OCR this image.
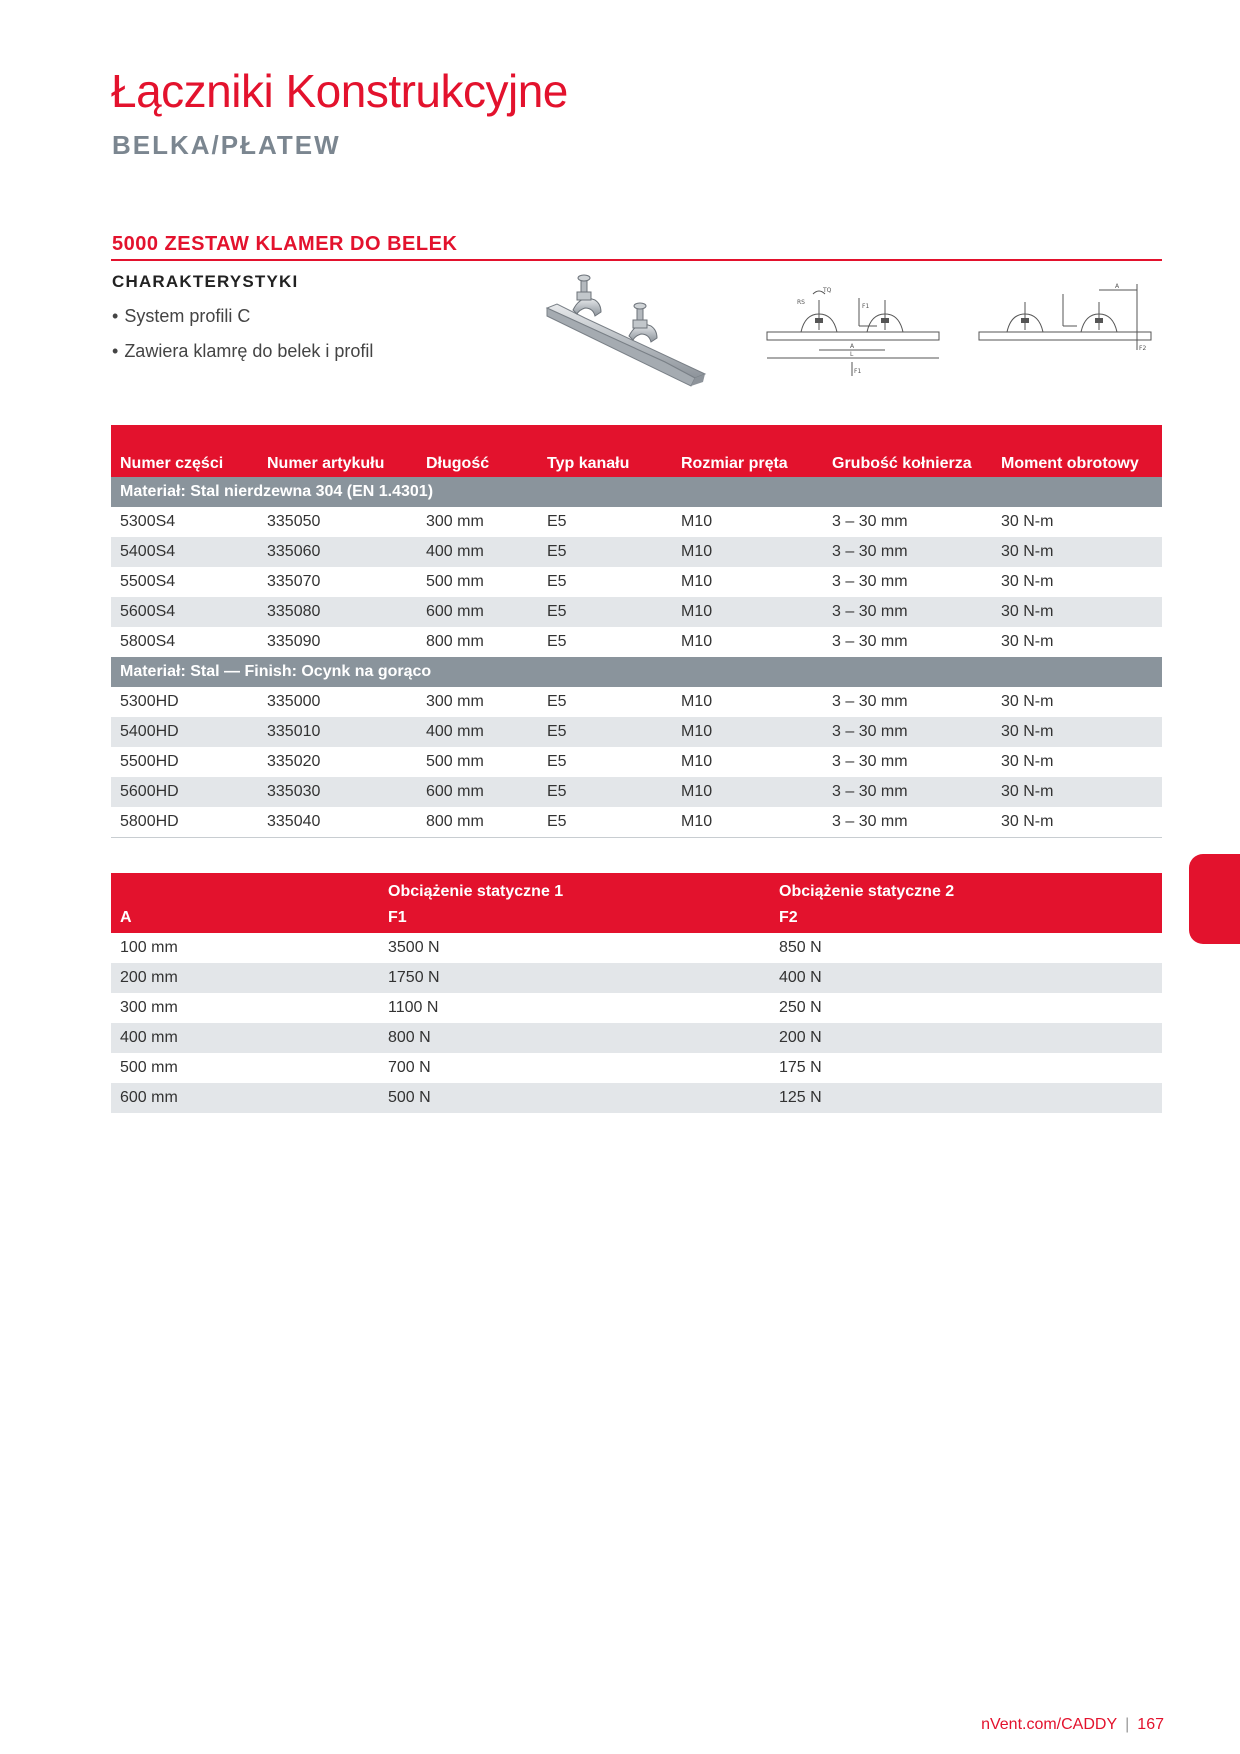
Łączniki Konstrukcyjne
BELKA/PŁATEW
5000 ZESTAW KLAMER DO BELEK
CHARAKTERYSTYKI
• System profili C
• Zawiera klamrę do belek i profil
TQ
RS
F1
A
L
F1
A
F2
Numer części	Numer artykułu	Długość	Typ kanału	Rozmiar pręta	Grubość kołnierza	Moment obrotowy
Materiał: Stal nierdzewna 304 (EN 1.4301)						
5300S4	335050	300 mm	E5	M10	3 – 30 mm	30 N-m
5400S4	335060	400 mm	E5	M10	3 – 30 mm	30 N-m
5500S4	335070	500 mm	E5	M10	3 – 30 mm	30 N-m
5600S4	335080	600 mm	E5	M10	3 – 30 mm	30 N-m
5800S4	335090	800 mm	E5	M10	3 – 30 mm	30 N-m
Materiał: Stal — Finish: Ocynk na gorąco						
5300HD	335000	300 mm	E5	M10	3 – 30 mm	30 N-m
5400HD	335010	400 mm	E5	M10	3 – 30 mm	30 N-m
5500HD	335020	500 mm	E5	M10	3 – 30 mm	30 N-m
5600HD	335030	600 mm	E5	M10	3 – 30 mm	30 N-m
5800HD	335040	800 mm	E5	M10	3 – 30 mm	30 N-m
	Obciążenie statyczne 1	Obciążenie statyczne 2
A	F1	F2
100 mm	3500 N	850 N
200 mm	1750 N	400 N
300 mm	1100 N	250 N
400 mm	800 N	200 N
500 mm	700 N	175 N
600 mm	500 N	125 N
nVent.com/CADDY | 167
